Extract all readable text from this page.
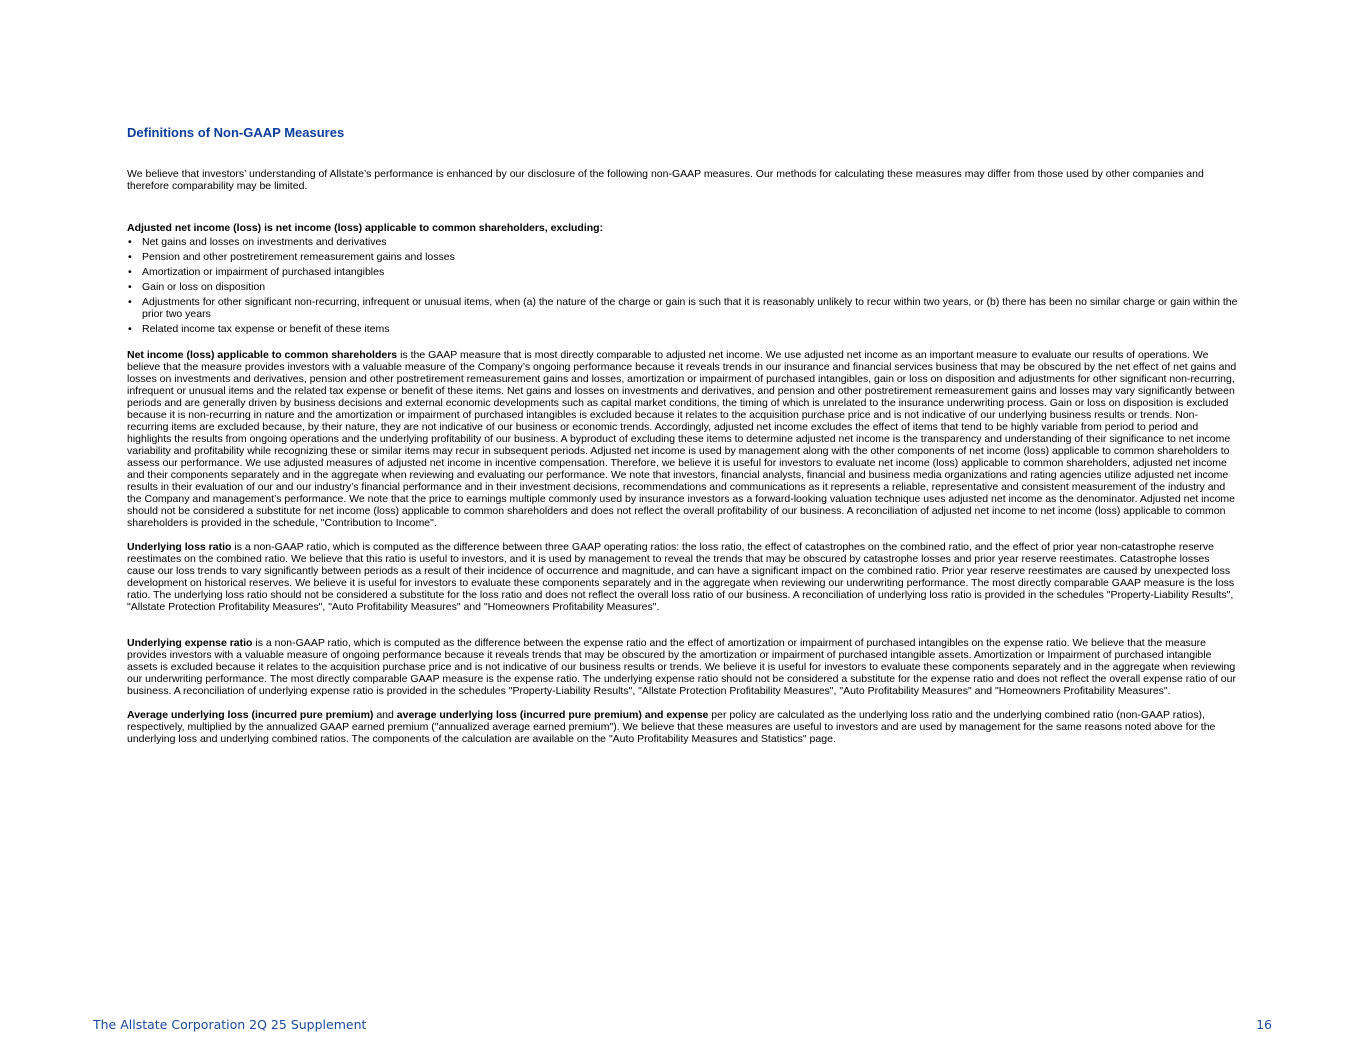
Definitions of Non-GAAP Measures

We believe that investors’ understanding of Allstate’s performance is enhanced by our disclosure of the following non-GAAP measures. Our methods for calculating these measures may differ from those used by other companies and therefore comparability may be limited.

Adjusted net income (loss) is net income (loss) applicable to common shareholders, excluding:

• Net gains and losses on investments and derivatives
• Pension and other postretirement remeasurement gains and losses
• Amortization or impairment of purchased intangibles
• Gain or loss on disposition
• Adjustments for other significant non-recurring, infrequent or unusual items, when (a) the nature of the charge or gain is such that it is reasonably unlikely to recur within two years, or (b) there has been no similar charge or gain within the prior two years
• Related income tax expense or benefit of these items

Net income (loss) applicable to common shareholders is the GAAP measure that is most directly comparable to adjusted net income. We use adjusted net income as an important measure to evaluate our results of operations. We believe that the measure provides investors with a valuable measure of the Company’s ongoing performance because it reveals trends in our insurance and financial services business that may be obscured by the net effect of net gains and losses on investments and derivatives, pension and other postretirement remeasurement gains and losses, amortization or impairment of purchased intangibles, gain or loss on disposition and adjustments for other significant non-recurring, infrequent or unusual items and the related tax expense or benefit of these items. Net gains and losses on investments and derivatives, and pension and other postretirement remeasurement gains and losses may vary significantly between periods and are generally driven by business decisions and external economic developments such as capital market conditions, the timing of which is unrelated to the insurance underwriting process. Gain or loss on disposition is excluded because it is non-recurring in nature and the amortization or impairment of purchased intangibles is excluded because it relates to the acquisition purchase price and is not indicative of our underlying business results or trends. Non-recurring items are excluded because, by their nature, they are not indicative of our business or economic trends. Accordingly, adjusted net income excludes the effect of items that tend to be highly variable from period to period and highlights the results from ongoing operations and the underlying profitability of our business. A byproduct of excluding these items to determine adjusted net income is the transparency and understanding of their significance to net income variability and profitability while recognizing these or similar items may recur in subsequent periods. Adjusted net income is used by management along with the other components of net income (loss) applicable to common shareholders to assess our performance. We use adjusted measures of adjusted net income in incentive compensation. Therefore, we believe it is useful for investors to evaluate net income (loss) applicable to common shareholders, adjusted net income and their components separately and in the aggregate when reviewing and evaluating our performance. We note that investors, financial analysts, financial and business media organizations and rating agencies utilize adjusted net income results in their evaluation of our and our industry’s financial performance and in their investment decisions, recommendations and communications as it represents a reliable, representative and consistent measurement of the industry and the Company and management’s performance. We note that the price to earnings multiple commonly used by insurance investors as a forward-looking valuation technique uses adjusted net income as the denominator. Adjusted net income should not be considered a substitute for net income (loss) applicable to common shareholders and does not reflect the overall profitability of our business. A reconciliation of adjusted net income to net income (loss) applicable to common shareholders is provided in the schedule, "Contribution to Income".

Underlying loss ratio is a non-GAAP ratio, which is computed as the difference between three GAAP operating ratios: the loss ratio, the effect of catastrophes on the combined ratio, and the effect of prior year non-catastrophe reserve reestimates on the combined ratio. We believe that this ratio is useful to investors, and it is used by management to reveal the trends that may be obscured by catastrophe losses and prior year reserve reestimates. Catastrophe losses cause our loss trends to vary significantly between periods as a result of their incidence of occurrence and magnitude, and can have a significant impact on the combined ratio. Prior year reserve reestimates are caused by unexpected loss development on historical reserves. We believe it is useful for investors to evaluate these components separately and in the aggregate when reviewing our underwriting performance. The most directly comparable GAAP measure is the loss ratio. The underlying loss ratio should not be considered a substitute for the loss ratio and does not reflect the overall loss ratio of our business. A reconciliation of underlying loss ratio is provided in the schedules "Property-Liability Results", "Allstate Protection Profitability Measures", "Auto Profitability Measures" and "Homeowners Profitability Measures".

Underlying expense ratio is a non-GAAP ratio, which is computed as the difference between the expense ratio and the effect of amortization or impairment of purchased intangibles on the expense ratio. We believe that the measure provides investors with a valuable measure of ongoing performance because it reveals trends that may be obscured by the amortization or impairment of purchased intangible assets. Amortization or Impairment of purchased intangible assets is excluded because it relates to the acquisition purchase price and is not indicative of our business results or trends. We believe it is useful for investors to evaluate these components separately and in the aggregate when reviewing our underwriting performance. The most directly comparable GAAP measure is the expense ratio. The underlying expense ratio should not be considered a substitute for the expense ratio and does not reflect the overall expense ratio of our business. A reconciliation of underlying expense ratio is provided in the schedules "Property-Liability Results", "Allstate Protection Profitability Measures", "Auto Profitability Measures" and "Homeowners Profitability Measures".

Average underlying loss (incurred pure premium) and average underlying loss (incurred pure premium) and expense per policy are calculated as the underlying loss ratio and the underlying combined ratio (non-GAAP ratios), respectively, multiplied by the annualized GAAP earned premium ("annualized average earned premium"). We believe that these measures are useful to investors and are used by management for the same reasons noted above for the underlying loss and underlying combined ratios. The components of the calculation are available on the "Auto Profitability Measures and Statistics" page.

The Allstate Corporation 2Q 25 Supplement	16
